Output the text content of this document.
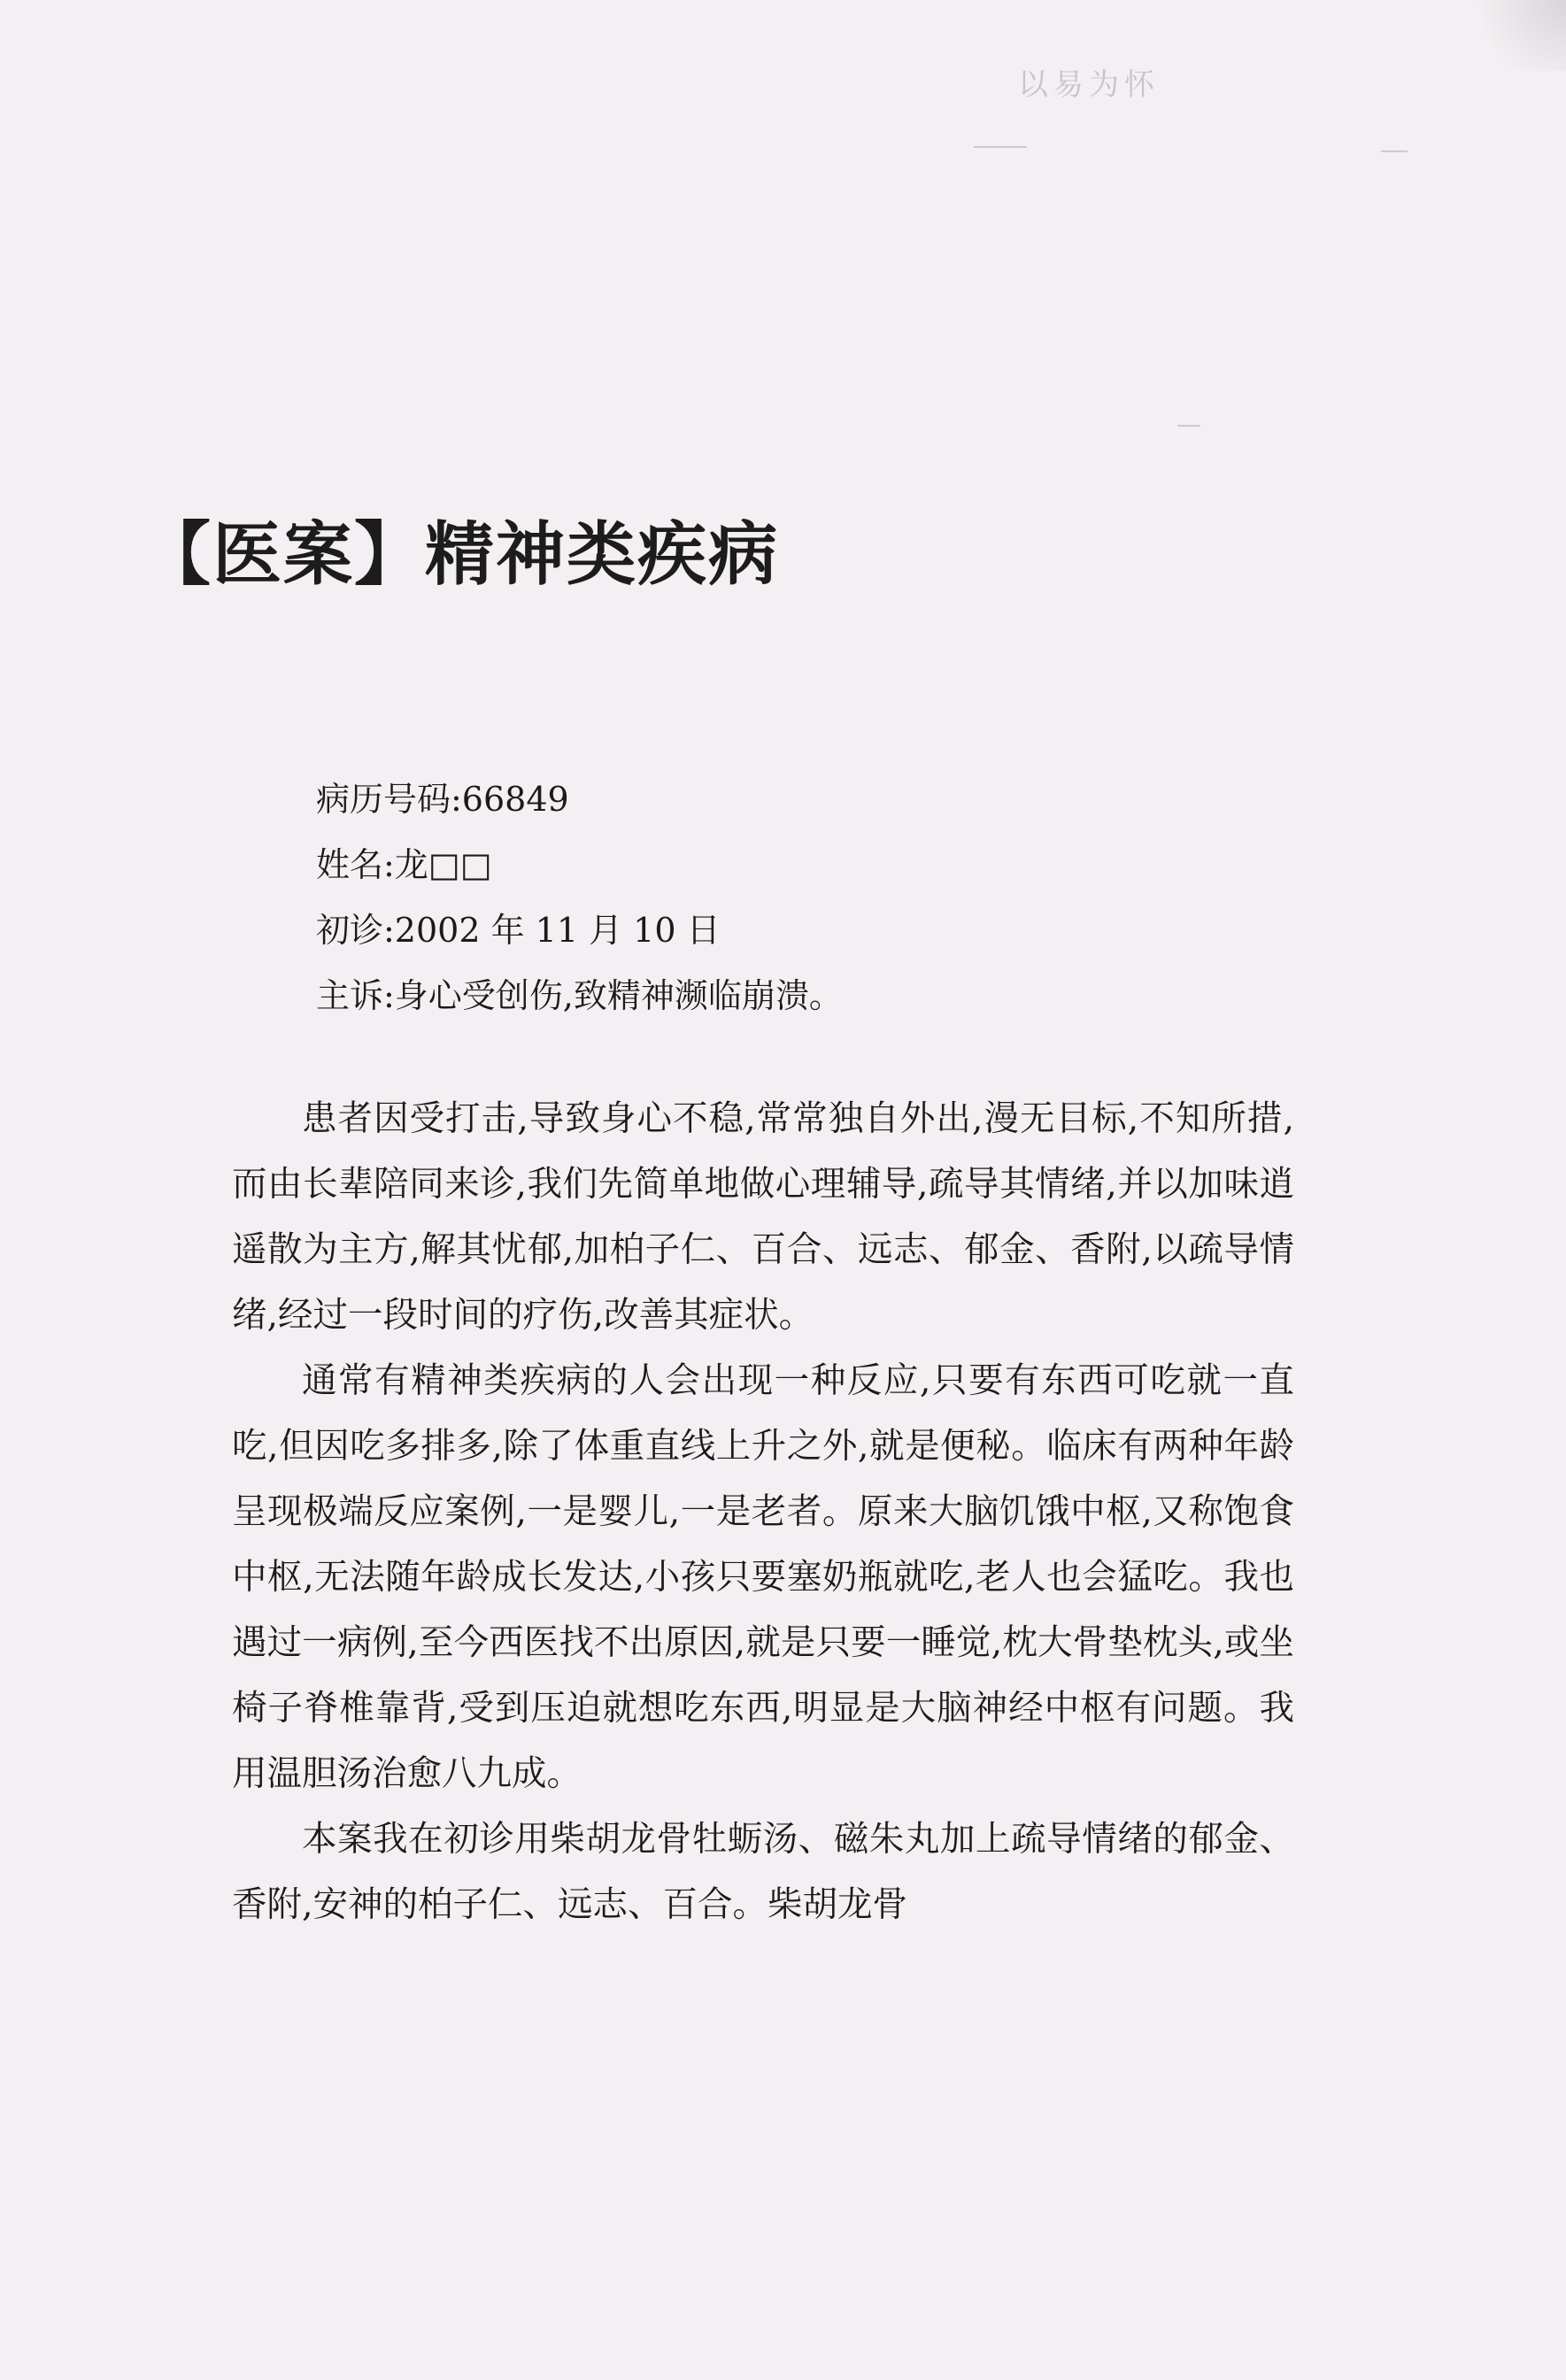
以易为怀
【医案】精神类疾病
病历号码:66849
姓名:龙□□
初诊:2002 年 11 月 10 日
主诉:身心受创伤,致精神濒临崩溃。

患者因受打击,导致身心不稳,常常独自外出,漫无目标,不知所措,而由长辈陪同来诊,我们先简单地做心理辅导,疏导其情绪,并以加味逍遥散为主方,解其忧郁,加柏子仁、百合、远志、郁金、香附,以疏导情绪,经过一段时间的疗伤,改善其症状。

通常有精神类疾病的人会出现一种反应,只要有东西可吃就一直吃,但因吃多排多,除了体重直线上升之外,就是便秘。临床有两种年龄呈现极端反应案例,一是婴儿,一是老者。原来大脑饥饿中枢,又称饱食中枢,无法随年龄成长发达,小孩只要塞奶瓶就吃,老人也会猛吃。我也遇过一病例,至今西医找不出原因,就是只要一睡觉,枕大骨垫枕头,或坐椅子脊椎靠背,受到压迫就想吃东西,明显是大脑神经中枢有问题。我用温胆汤治愈八九成。

本案我在初诊用柴胡龙骨牡蛎汤、磁朱丸加上疏导情绪的郁金、香附,安神的柏子仁、远志、百合。柴胡龙骨
